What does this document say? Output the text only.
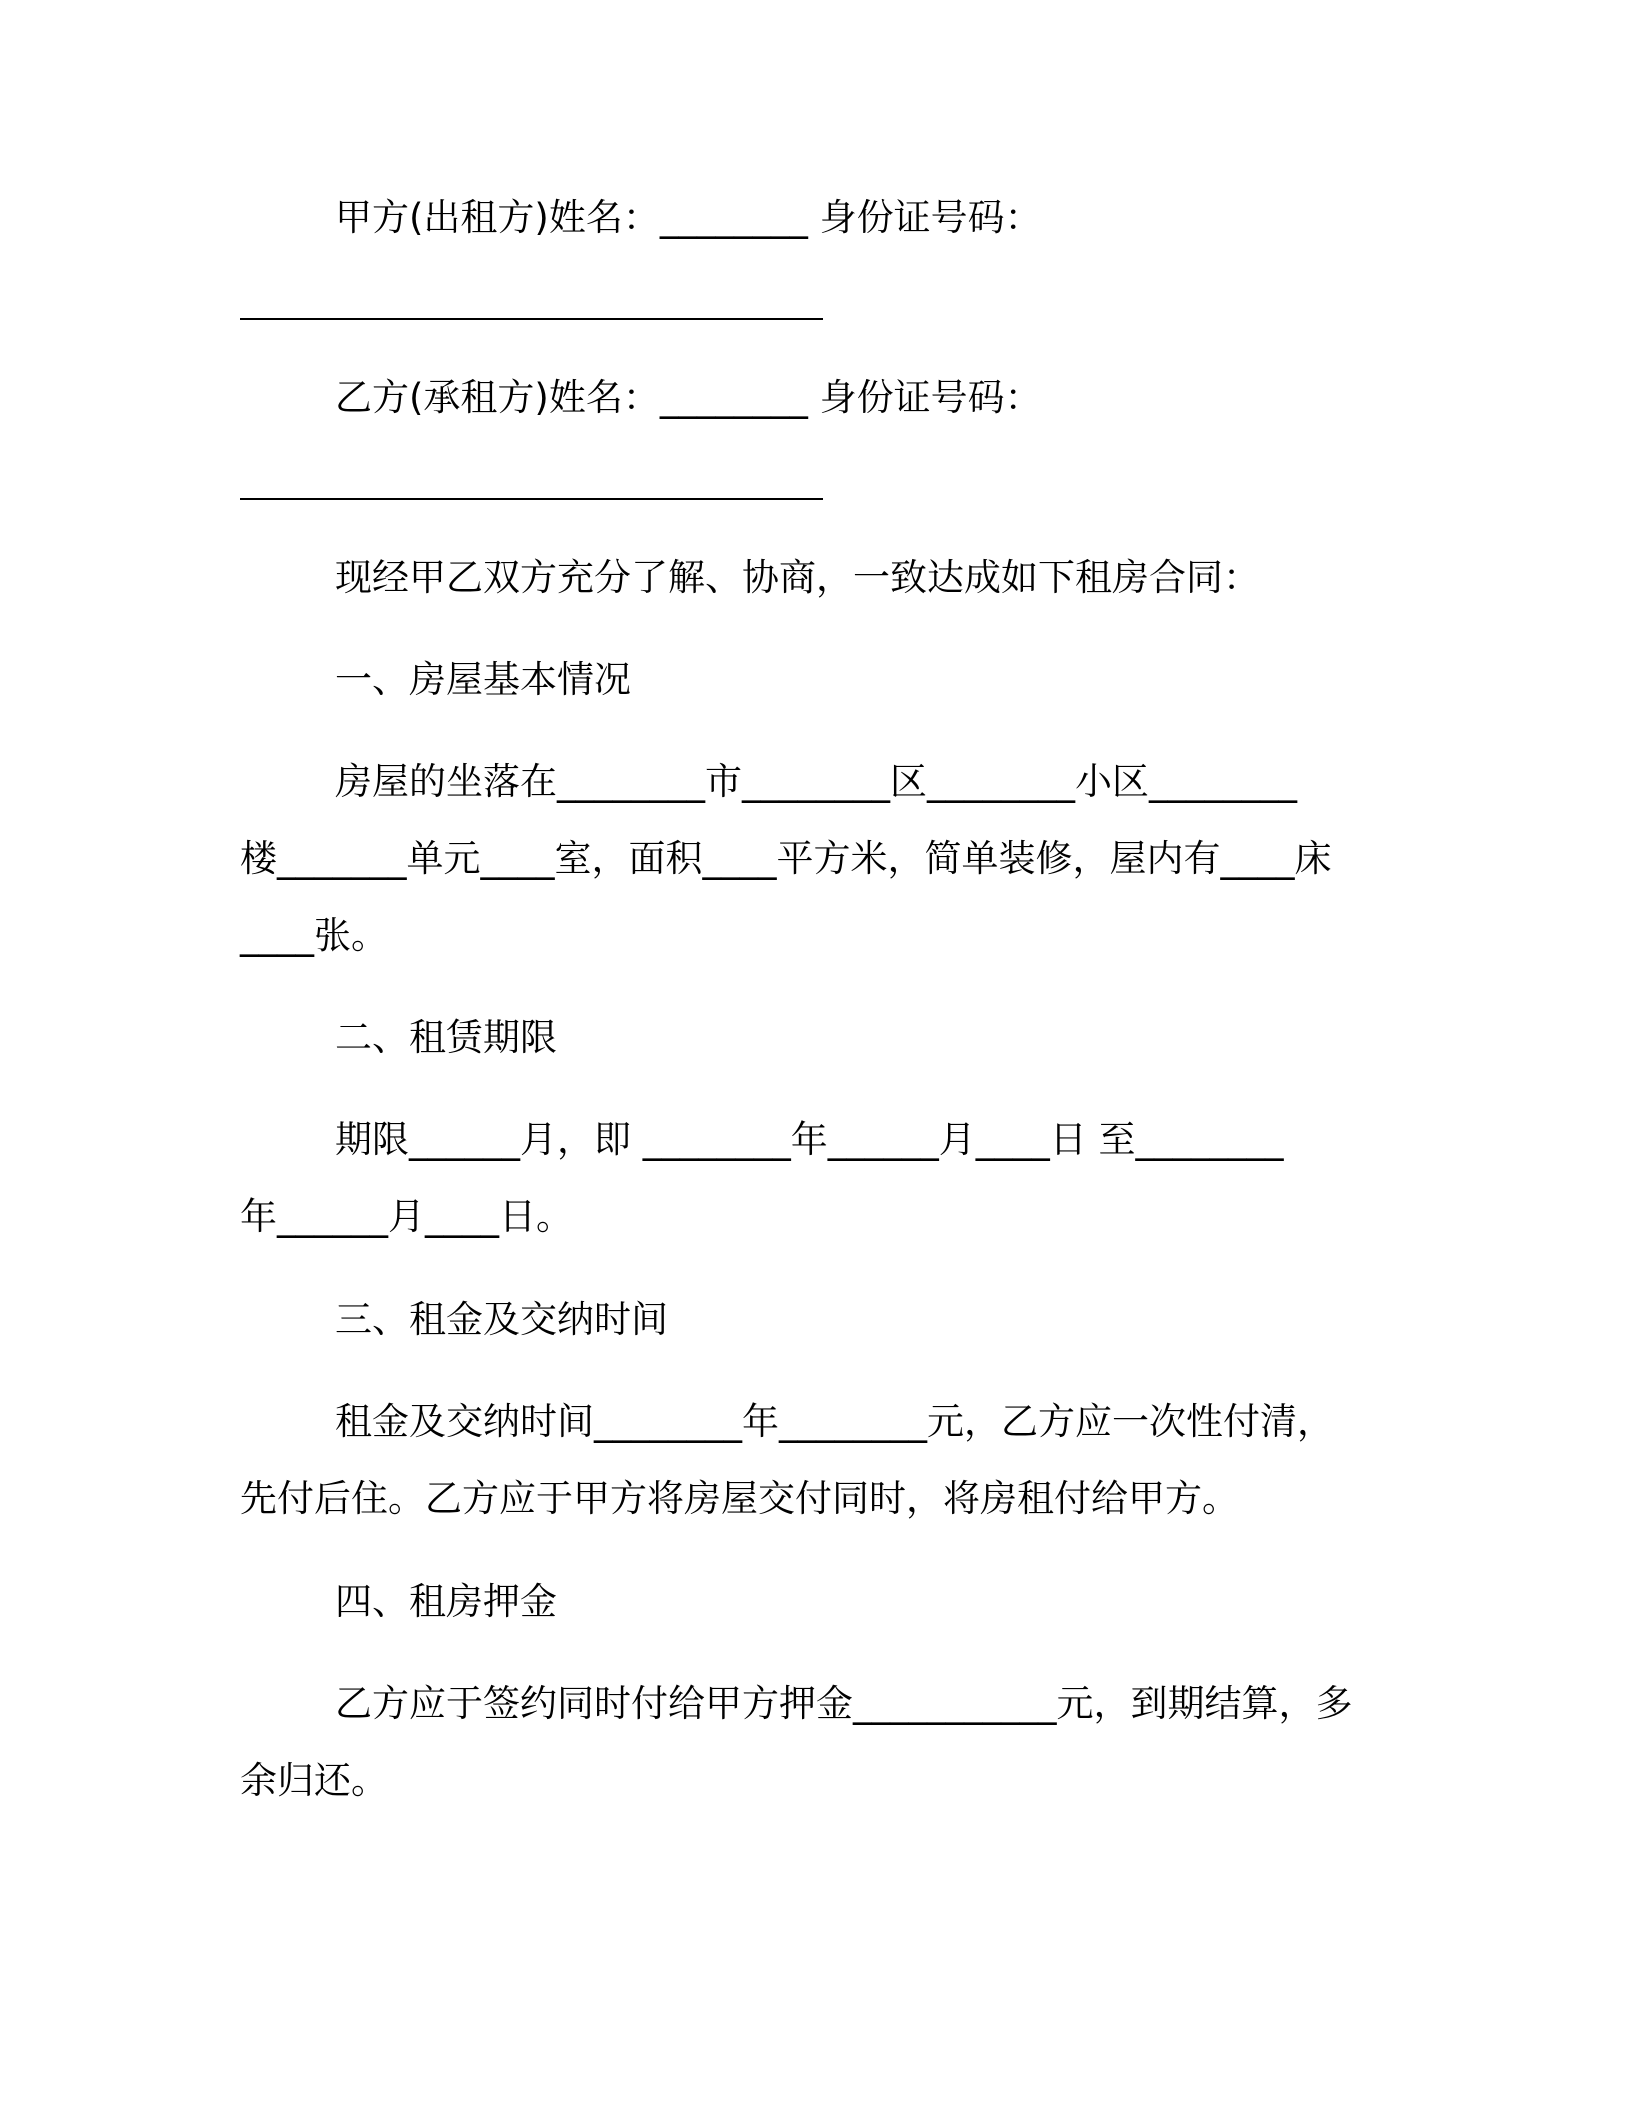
甲方(出租方)姓名：________ 身份证号码：
乙方(承租方)姓名：________ 身份证号码：
现经甲乙双方充分了解、协商，一致达成如下租房合同：
一、房屋基本情况
房屋的坐落在________市________区________小区________
楼_______单元____室，面积____平方米，简单装修，屋内有____床
____张。
二、租赁期限
期限______月，即 ________年______月____日 至________
年______月____日。
三、租金及交纳时间
租金及交纳时间________年________元，乙方应一次性付清，
先付后住。乙方应于甲方将房屋交付同时，将房租付给甲方。
四、租房押金
乙方应于签约同时付给甲方押金___________元，到期结算，多
余归还。
